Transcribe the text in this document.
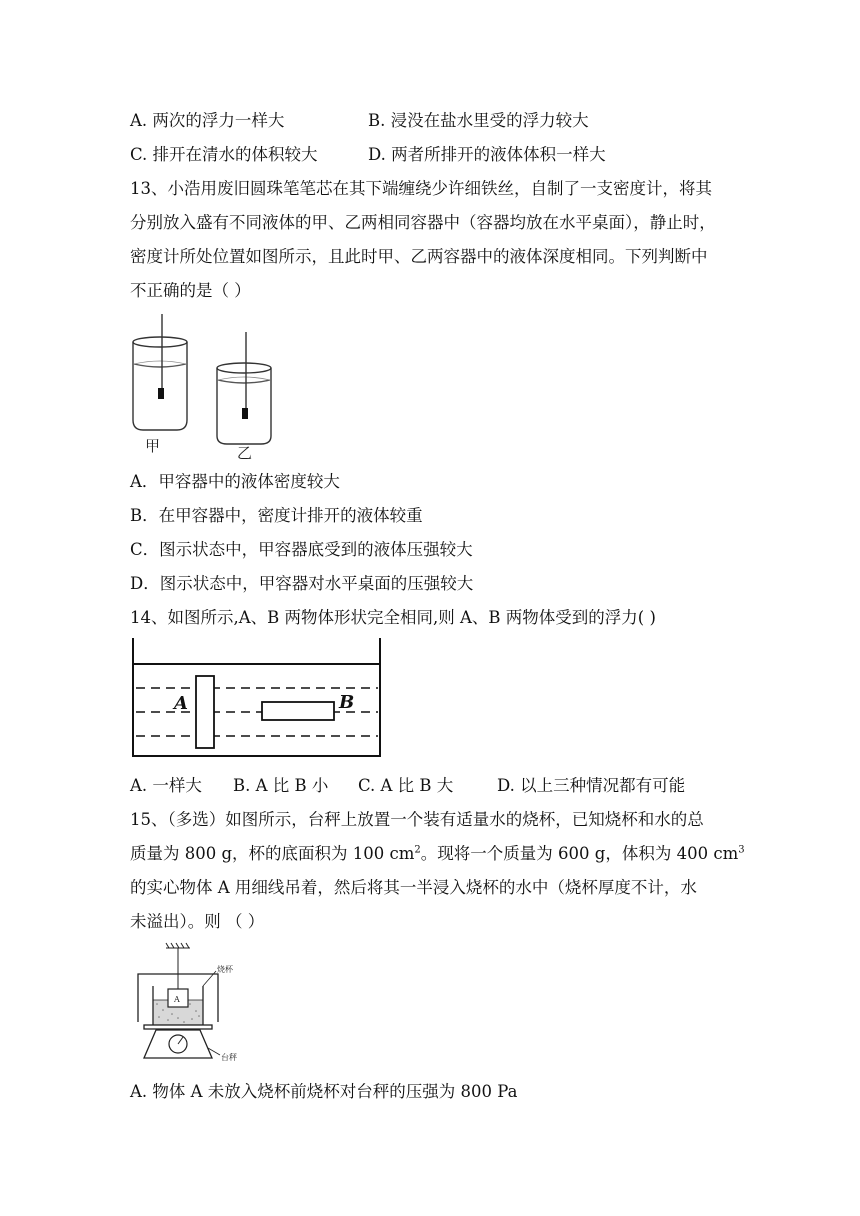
A. 两次的浮力一样大	B. 浸没在盐水里受的浮力较大
C. 排开在清水的体积较大	D. 两者所排开的液体体积一样大
13、小浩用废旧圆珠笔笔芯在其下端缠绕少许细铁丝，自制了一支密度计，将其
分别放入盛有不同液体的甲、乙两相同容器中（容器均放在水平桌面），静止时，
密度计所处位置如图所示，且此时甲、乙两容器中的液体深度相同。下列判断中
不正确的是（ ）
甲	乙
A．甲容器中的液体密度较大
B．在甲容器中，密度计排开的液体较重
C．图示状态中，甲容器底受到的液体压强较大
D．图示状态中，甲容器对水平桌面的压强较大
14、如图所示,A、B 两物体形状完全相同,则 A、B 两物体受到的浮力( )
A	B
A. 一样大 B. A 比 B 小 C. A 比 B 大	D. 以上三种情况都有可能
15、（多选）如图所示，台秤上放置一个装有适量水的烧杯，已知烧杯和水的总
质量为 800 g，杯的底面积为 100 $cm^2$。现将一个质量为 600 g，体积为 400 $cm^3$
的实心物体 A 用细线吊着，然后将其一半浸入烧杯的水中（烧杯厚度不计，水
未溢出）。则 （ ）
A
烧杯
台秤
A. 物体 A 未放入烧杯前烧杯对台秤的压强为 800 Pa
